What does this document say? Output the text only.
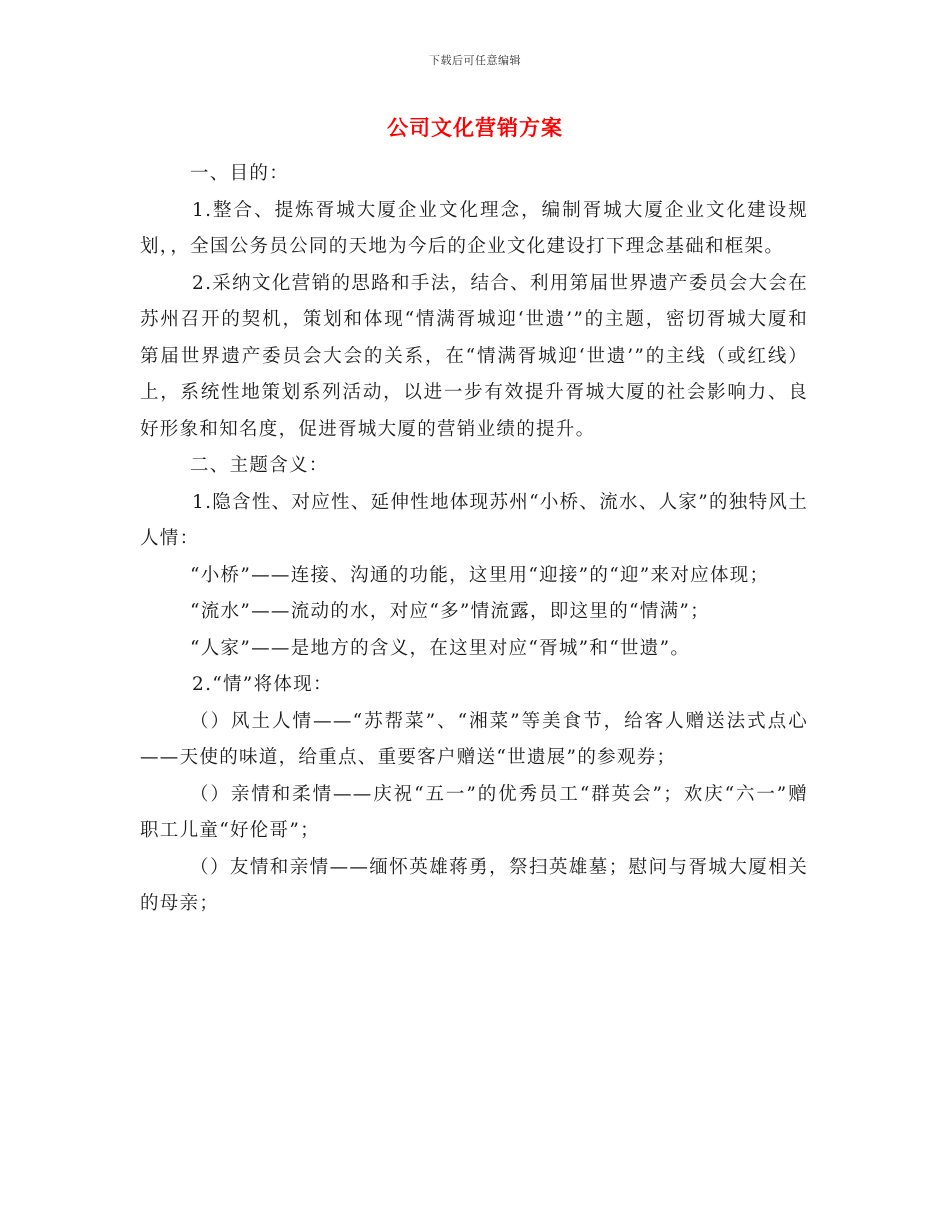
下载后可任意编辑
公司文化营销方案

一、目的：

1.整合、提炼胥城大厦企业文化理念，编制胥城大厦企业文化建设规划，，全国公务员公同的天地为今后的企业文化建设打下理念基础和框架。

2.采纳文化营销的思路和手法，结合、利用第届世界遗产委员会大会在苏州召开的契机，策划和体现“情满胥城迎‘世遗’”的主题，密切胥城大厦和第届世界遗产委员会大会的关系，在“情满胥城迎‘世遗’”的主线（或红线）上，系统性地策划系列活动，以进一步有效提升胥城大厦的社会影响力、良好形象和知名度，促进胥城大厦的营销业绩的提升。

二、主题含义：

1.隐含性、对应性、延伸性地体现苏州“小桥、流水、人家”的独特风土人情：

“小桥”——连接、沟通的功能，这里用“迎接”的“迎”来对应体现；

“流水”——流动的水，对应“多”情流露，即这里的“情满”；

“人家”——是地方的含义，在这里对应“胥城”和“世遗”。

2.“情”将体现：

（）风土人情——“苏帮菜”、“湘菜”等美食节，给客人赠送法式点心——天使的味道，给重点、重要客户赠送“世遗展”的参观券；

（）亲情和柔情——庆祝“五一”的优秀员工“群英会”；欢庆“六一”赠职工儿童“好伦哥”；

（）友情和亲情——缅怀英雄蒋勇，祭扫英雄墓；慰问与胥城大厦相关的母亲；
